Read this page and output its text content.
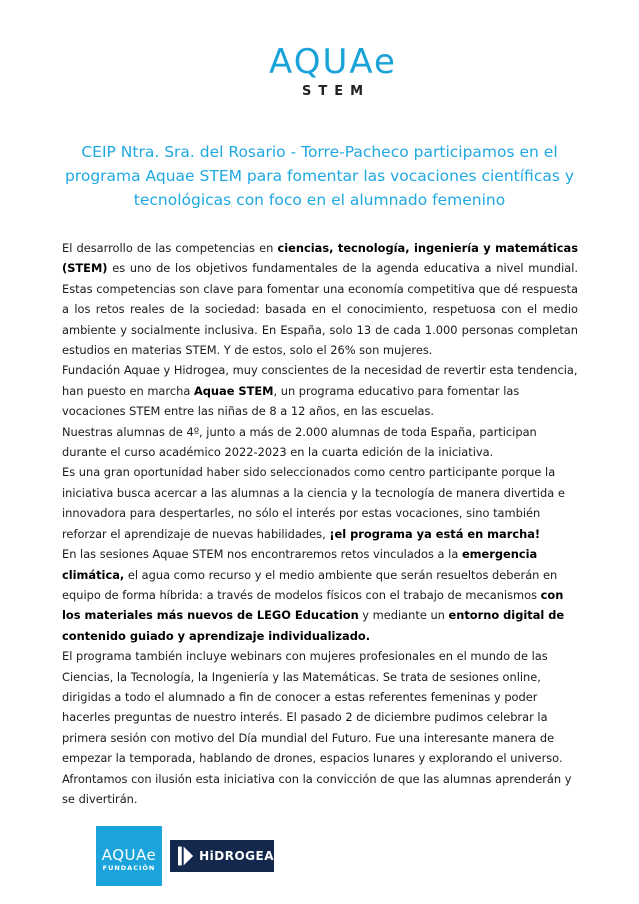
AQUAe
STEM
CEIP Ntra. Sra. del Rosario - Torre-Pacheco participamos en el programa Aquae STEM para fomentar las vocaciones científicas y tecnológicas con foco en el alumnado femenino

El desarrollo de las competencias en ciencias, tecnología, ingeniería y matemáticas (STEM) es uno de los objetivos fundamentales de la agenda educativa a nivel mundial. Estas competencias son clave para fomentar una economía competitiva que dé respuesta a los retos reales de la sociedad: basada en el conocimiento, respetuosa con el medio ambiente y socialmente inclusiva. En España, solo 13 de cada 1.000 personas completan estudios en materias STEM. Y de estos, solo el 26% son mujeres.

Fundación Aquae y Hidrogea, muy conscientes de la necesidad de revertir esta tendencia, han puesto en marcha Aquae STEM, un programa educativo para fomentar las vocaciones STEM entre las niñas de 8 a 12 años, en las escuelas.

Nuestras alumnas de 4º, junto a más de 2.000 alumnas de toda España, participan durante el curso académico 2022-2023 en la cuarta edición de la iniciativa.

Es una gran oportunidad haber sido seleccionados como centro participante porque la iniciativa busca acercar a las alumnas a la ciencia y la tecnología de manera divertida e innovadora para despertarles, no sólo el interés por estas vocaciones, sino también reforzar el aprendizaje de nuevas habilidades, ¡el programa ya está en marcha!

En las sesiones Aquae STEM nos encontraremos retos vinculados a la emergencia climática, el agua como recurso y el medio ambiente que serán resueltos deberán en equipo de forma híbrida: a través de modelos físicos con el trabajo de mecanismos con los materiales más nuevos de LEGO Education y mediante un entorno digital de contenido guiado y aprendizaje individualizado.

El programa también incluye webinars con mujeres profesionales en el mundo de las Ciencias, la Tecnología, la Ingeniería y las Matemáticas. Se trata de sesiones online, dirigidas a todo el alumnado a fin de conocer a estas referentes femeninas y poder hacerles preguntas de nuestro interés. El pasado 2 de diciembre pudimos celebrar la primera sesión con motivo del Día mundial del Futuro. Fue una interesante manera de empezar la temporada, hablando de drones, espacios lunares y explorando el universo.

Afrontamos con ilusión esta iniciativa con la convicción de que las alumnas aprenderán y se divertirán.

AQUAe
FUNDACIÓN
HiDROGEA
